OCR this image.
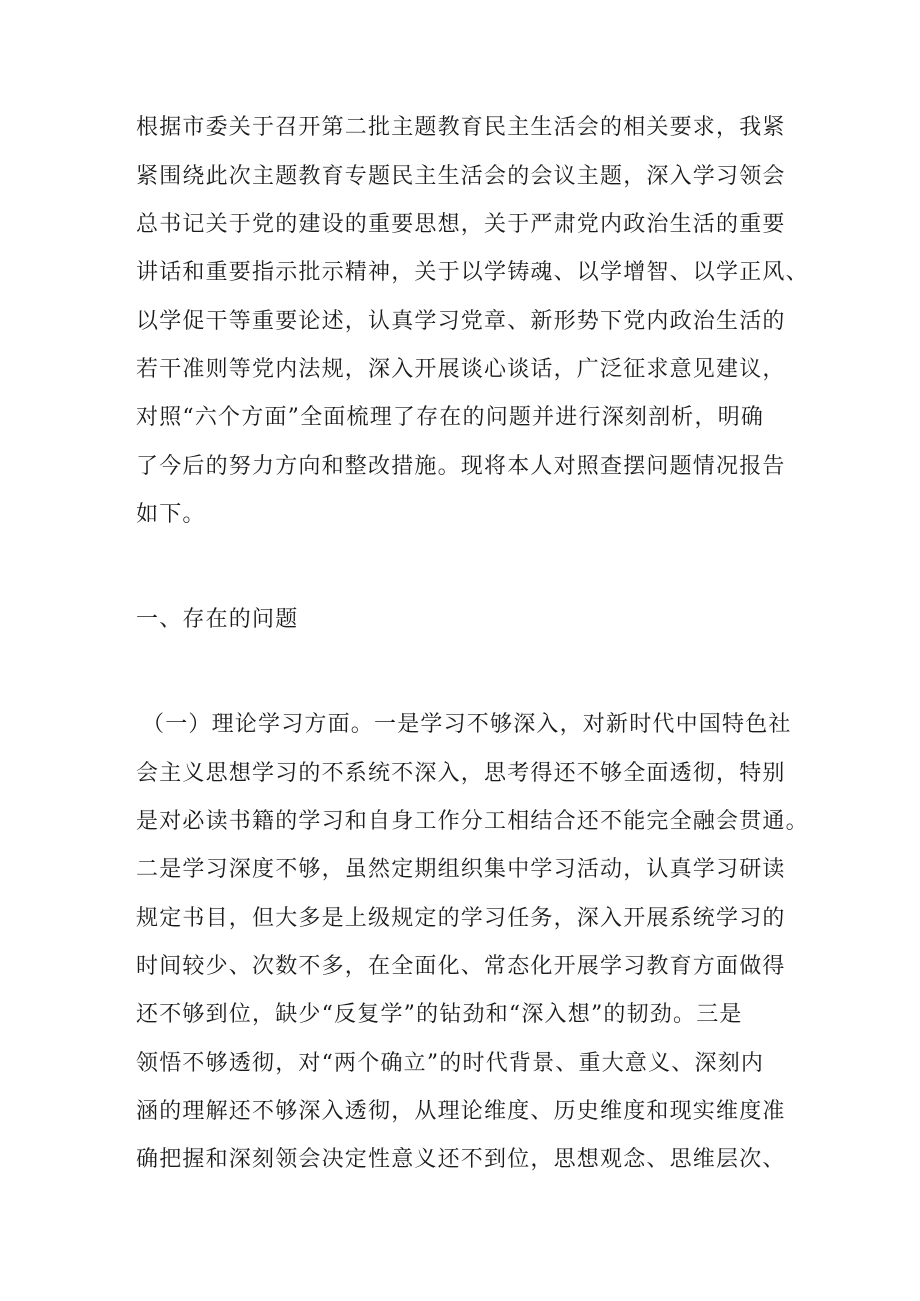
根据市委关于召开第二批主题教育民主生活会的相关要求，我紧
紧围绕此次主题教育专题民主生活会的会议主题，深入学习领会
总书记关于党的建设的重要思想，关于严肃党内政治生活的重要
讲话和重要指示批示精神，关于以学铸魂、以学增智、以学正风、
以学促干等重要论述，认真学习党章、新形势下党内政治生活的
若干准则等党内法规，深入开展谈心谈话，广泛征求意见建议，
对照“六个方面”全面梳理了存在的问题并进行深刻剖析，明确
了今后的努力方向和整改措施。现将本人对照查摆问题情况报告
如下。
一、存在的问题
（一）理论学习方面。一是学习不够深入，对新时代中国特色社
会主义思想学习的不系统不深入，思考得还不够全面透彻，特别
是对必读书籍的学习和自身工作分工相结合还不能完全融会贯通。
二是学习深度不够，虽然定期组织集中学习活动，认真学习研读
规定书目，但大多是上级规定的学习任务，深入开展系统学习的
时间较少、次数不多，在全面化、常态化开展学习教育方面做得
还不够到位，缺少“反复学”的钻劲和“深入想”的韧劲。三是
领悟不够透彻，对“两个确立”的时代背景、重大意义、深刻内
涵的理解还不够深入透彻，从理论维度、历史维度和现实维度准
确把握和深刻领会决定性意义还不到位，思想观念、思维层次、
